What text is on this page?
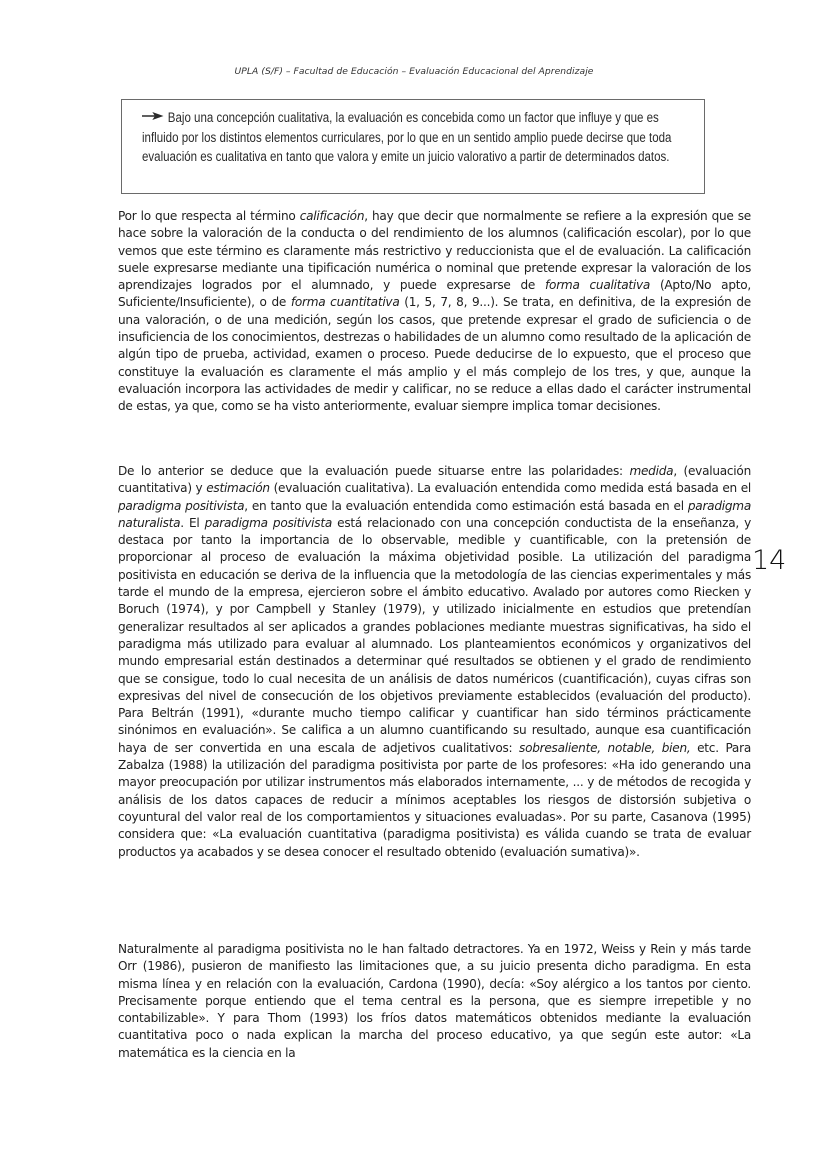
UPLA (S/F) – Facultad de Educación – Evaluación Educacional del Aprendizaje
Bajo una concepción cualitativa, la evaluación es concebida como un factor que influye y que es influido por los distintos elementos curriculares, por lo que en un sentido amplio puede decirse que toda evaluación es cualitativa en tanto que valora y emite un juicio valorativo a partir de determinados datos.

Por lo que respecta al término calificación, hay que decir que normalmente se refiere a la expresión que se hace sobre la valoración de la conducta o del rendimiento de los alumnos (calificación escolar), por lo que vemos que este término es claramente más restrictivo y reduccionista que el de evaluación. La calificación suele expresarse mediante una tipificación numérica o nominal que pretende expresar la valoración de los aprendizajes logrados por el alumnado, y puede expresarse de forma cualitativa (Apto/No apto, Suficiente/Insuficiente), o de forma cuantitativa (1, 5, 7, 8, 9...). Se trata, en definitiva, de la expresión de una valoración, o de una medición, según los casos, que pretende expresar el grado de suficiencia o de insuficiencia de los conocimientos, destrezas o habilidades de un alumno como resultado de la aplicación de algún tipo de prueba, actividad, examen o proceso. Puede deducirse de lo expuesto, que el proceso que constituye la evaluación es claramente el más amplio y el más complejo de los tres, y que, aunque la evaluación incorpora las actividades de medir y calificar, no se reduce a ellas dado el carácter instrumental de estas, ya que, como se ha visto anteriormente, evaluar siempre implica tomar decisiones.

De lo anterior se deduce que la evaluación puede situarse entre las polaridades: medida, (evaluación cuantitativa) y estimación (evaluación cualitativa). La evaluación entendida como medida está basada en el paradigma positivista, en tanto que la evaluación entendida como estimación está basada en el paradigma naturalista. El paradigma positivista está relacionado con una concepción conductista de la enseñanza, y destaca por tanto la importancia de lo observable, medible y cuantificable, con la pretensión de proporcionar al proceso de evaluación la máxima objetividad posible. La utilización del paradigma positivista en educación se deriva de la influencia que la metodología de las ciencias experimentales y más tarde el mundo de la empresa, ejercieron sobre el ámbito educativo. Avalado por autores como Riecken y Boruch (1974), y por Campbell y Stanley (1979), y utilizado inicialmente en estudios que pretendían generalizar resultados al ser aplicados a grandes poblaciones mediante muestras significativas, ha sido el paradigma más utilizado para evaluar al alumnado. Los planteamientos económicos y organizativos del mundo empresarial están destinados a determinar qué resultados se obtienen y el grado de rendimiento que se consigue, todo lo cual necesita de un análisis de datos numéricos (cuantificación), cuyas cifras son expresivas del nivel de consecución de los objetivos previamente establecidos (evaluación del producto). Para Beltrán (1991), «durante mucho tiempo calificar y cuantificar han sido términos prácticamente sinónimos en evaluación». Se califica a un alumno cuantificando su resultado, aunque esa cuantificación haya de ser convertida en una escala de adjetivos cualitativos: sobresaliente, notable, bien, etc. Para Zabalza (1988) la utilización del paradigma positivista por parte de los profesores: «Ha ido generando una mayor preocupación por utilizar instrumentos más elaborados internamente, ... y de métodos de recogida y análisis de los datos capaces de reducir a mínimos aceptables los riesgos de distorsión subjetiva o coyuntural del valor real de los comportamientos y situaciones evaluadas». Por su parte, Casanova (1995) considera que: «La evaluación cuantitativa (paradigma positivista) es válida cuando se trata de evaluar productos ya acabados y se desea conocer el resultado obtenido (evaluación sumativa)».

Naturalmente al paradigma positivista no le han faltado detractores. Ya en 1972, Weiss y Rein y más tarde Orr (1986), pusieron de manifiesto las limitaciones que, a su juicio presenta dicho paradigma. En esta misma línea y en relación con la evaluación, Cardona (1990), decía: «Soy alérgico a los tantos por ciento. Precisamente porque entiendo que el tema central es la persona, que es siempre irrepetible y no contabilizable». Y para Thom (1993) los fríos datos matemáticos obtenidos mediante la evaluación cuantitativa poco o nada explican la marcha del proceso educativo, ya que según este autor: «La matemática es la ciencia en la

14
